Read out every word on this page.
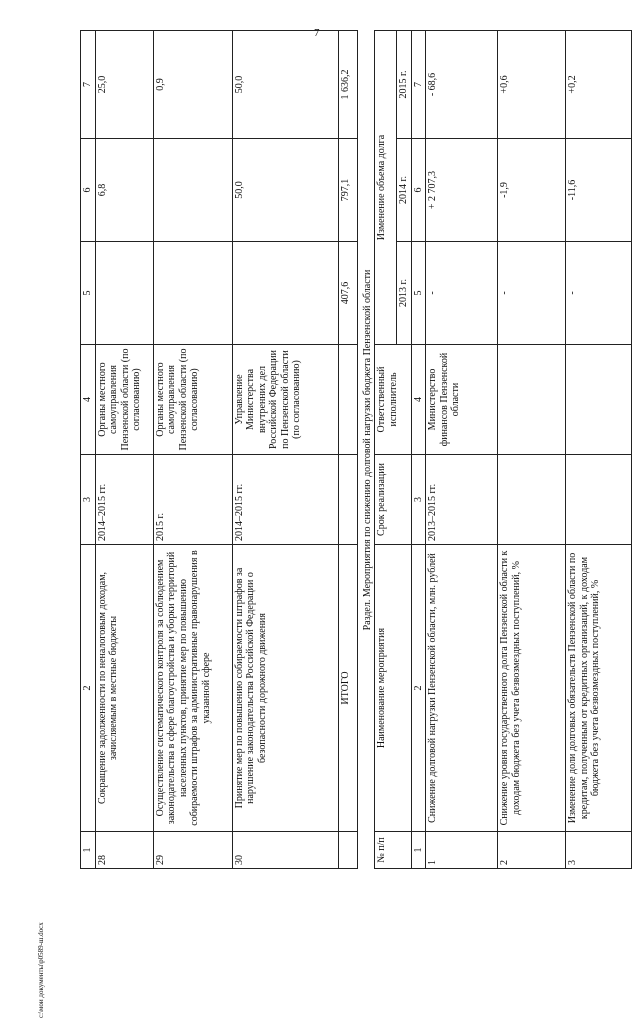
7
1	2	3	4	5	6	7
28	Сокращение задолженности по неналоговым доходам, зачисляемым в местные бюджеты	2014–2015 гг.	Органы местного самоуправления Пензенской области (по согласованию)		6,8	25,0
29	Осуществление систематического контроля за соблюдением законодательства в сфере благоустройства и уборки территорий населенных пунктов, принятие мер по повышению собираемости штрафов за административные правонарушения в указанной сфере	2015 г.	Органы местного самоуправления Пензенской области (по согласованию)			0,9
30	Принятие мер по повышению собираемости штрафов за нарушение законодательства Российской Федерации о безопасности дорожного движения	2014–2015 гг.	Управление Министерства внутренних дел Российской Федерации по Пензенской области (по согласованию)		50,0	50,0
	ИТОГО			407,6	797,1	1 636,2
Раздел. Мероприятия по снижению долговой нагрузки бюджета Пензенской области
№ п/п	Наименование мероприятия	Срок реализации	Ответственный исполнитель	Изменение объема долга		
				2013 г.	2014 г.	2015 г.
1	2	3	4	5	6	7
1	Снижение долговой нагрузки Пензенской области, млн. рублей	2013–2015 гг.	Министерство финансов Пензенской области	-	+ 2 707,3	- 68,6
2	Снижение уровня государственного долга Пензенской области к доходам бюджета без учета безвозмездных поступлений, %			-	-1,9	+0,6
3	Изменение доли долговых обязательств Пензенской области по кредитам, полученным от кредитных организаций, к доходам бюджета без учета безвозмездных поступлений, %			-	-11,6	+0,2
c:\мои документы\p0589-ш.docx
